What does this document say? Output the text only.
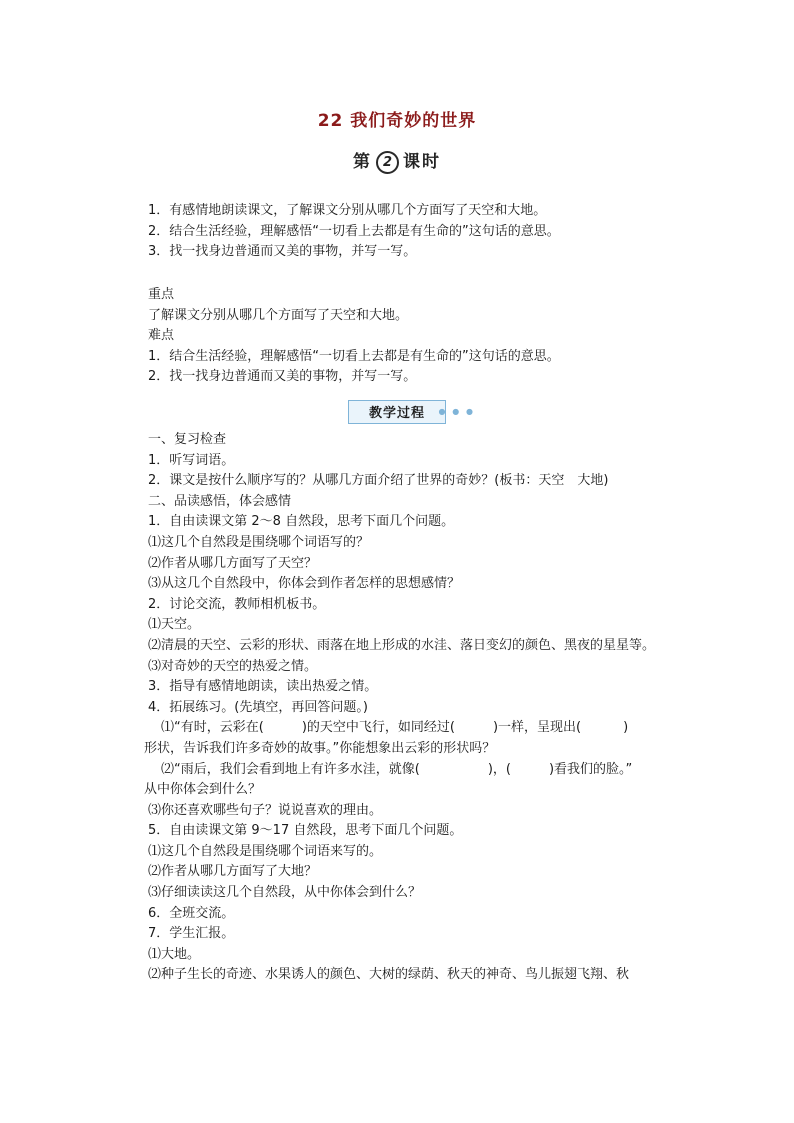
22 我们奇妙的世界
第 2 课时

1．有感情地朗读课文，了解课文分别从哪几个方面写了天空和大地。

2．结合生活经验，理解感悟“一切看上去都是有生命的”这句话的意思。

3．找一找身边普通而又美的事物，并写一写。

重点

了解课文分别从哪几个方面写了天空和大地。

难点

1．结合生活经验，理解感悟“一切看上去都是有生命的”这句话的意思。

2．找一找身边普通而又美的事物，并写一写。

教学过程 ● ● ●

一、复习检查

1．听写词语。

2．课文是按什么顺序写的？从哪几方面介绍了世界的奇妙？(板书：天空　大地)

二、品读感悟，体会感情

1．自由读课文第 2～8 自然段，思考下面几个问题。

⑴这几个自然段是围绕哪个词语写的？

⑵作者从哪几方面写了天空？

⑶从这几个自然段中，你体会到作者怎样的思想感情？

2．讨论交流，教师相机板书。

⑴天空。

⑵清晨的天空、云彩的形状、雨落在地上形成的水洼、落日变幻的颜色、黑夜的星星等。

⑶对奇妙的天空的热爱之情。

3．指导有感情地朗读，读出热爱之情。

4．拓展练习。(先填空，再回答问题。)

⑴“有时，云彩在(	)的天空中飞行，如同经过(	)一样，呈现出(	)

形状，告诉我们许多奇妙的故事。”你能想象出云彩的形状吗？

⑵“雨后，我们会看到地上有许多水洼，就像(	)，(	)看我们的脸。”

从中你体会到什么？

⑶你还喜欢哪些句子？说说喜欢的理由。

5．自由读课文第 9～17 自然段，思考下面几个问题。

⑴这几个自然段是围绕哪个词语来写的。

⑵作者从哪几方面写了大地？

⑶仔细读读这几个自然段，从中你体会到什么？

6．全班交流。

7．学生汇报。

⑴大地。

⑵种子生长的奇迹、水果诱人的颜色、大树的绿荫、秋天的神奇、鸟儿振翅飞翔、秋
